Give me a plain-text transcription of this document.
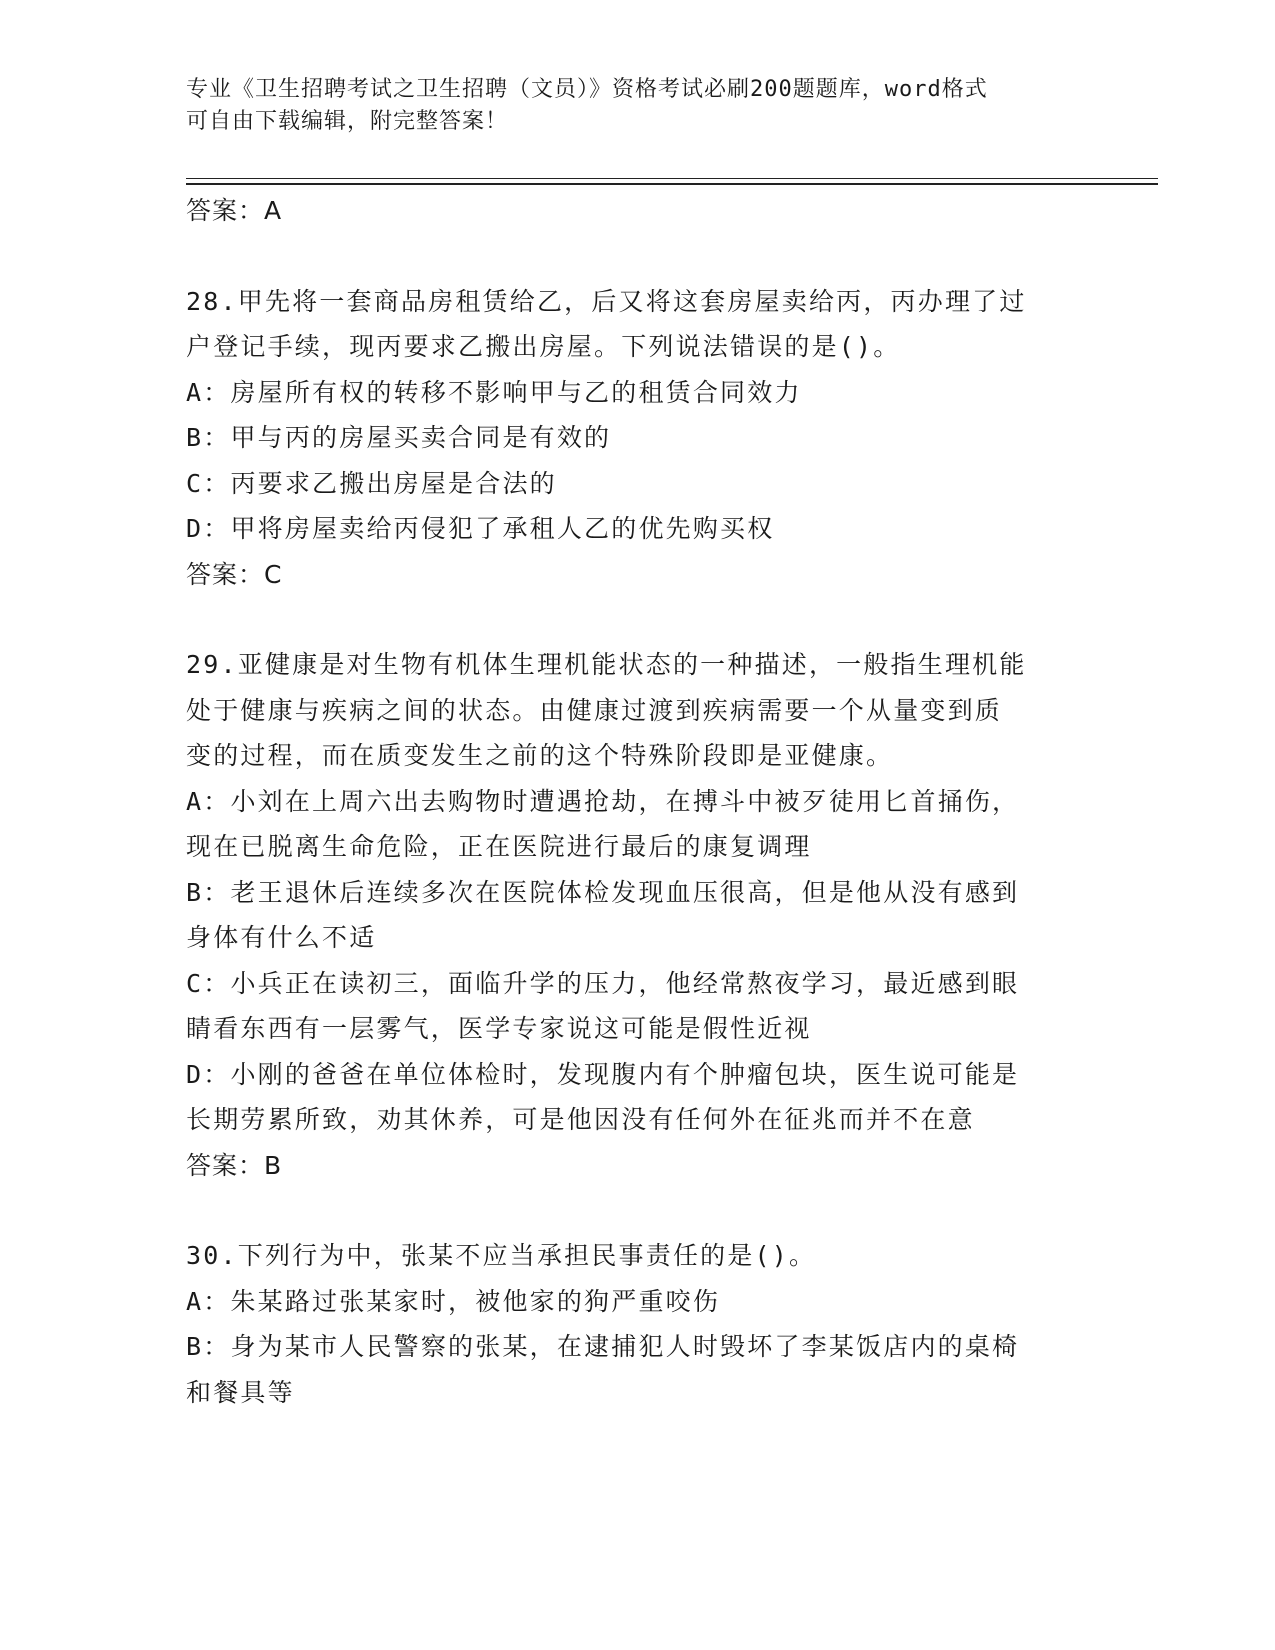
专业《卫生招聘考试之卫生招聘（文员）》资格考试必刷200题题库，word格式
可自由下载编辑，附完整答案！
答案：A
28.甲先将一套商品房租赁给乙，后又将这套房屋卖给丙，丙办理了过
户登记手续，现丙要求乙搬出房屋。下列说法错误的是()。
A：房屋所有权的转移不影响甲与乙的租赁合同效力
B：甲与丙的房屋买卖合同是有效的
C：丙要求乙搬出房屋是合法的
D：甲将房屋卖给丙侵犯了承租人乙的优先购买权
答案：C
29.亚健康是对生物有机体生理机能状态的一种描述，一般指生理机能
处于健康与疾病之间的状态。由健康过渡到疾病需要一个从量变到质
变的过程，而在质变发生之前的这个特殊阶段即是亚健康。
A：小刘在上周六出去购物时遭遇抢劫，在搏斗中被歹徒用匕首捅伤，
现在已脱离生命危险，正在医院进行最后的康复调理
B：老王退休后连续多次在医院体检发现血压很高，但是他从没有感到
身体有什么不适
C：小兵正在读初三，面临升学的压力，他经常熬夜学习，最近感到眼
睛看东西有一层雾气，医学专家说这可能是假性近视
D：小刚的爸爸在单位体检时，发现腹内有个肿瘤包块，医生说可能是
长期劳累所致，劝其休养，可是他因没有任何外在征兆而并不在意
答案：B
30.下列行为中，张某不应当承担民事责任的是()。
A：朱某路过张某家时，被他家的狗严重咬伤
B：身为某市人民警察的张某，在逮捕犯人时毁坏了李某饭店内的桌椅
和餐具等
